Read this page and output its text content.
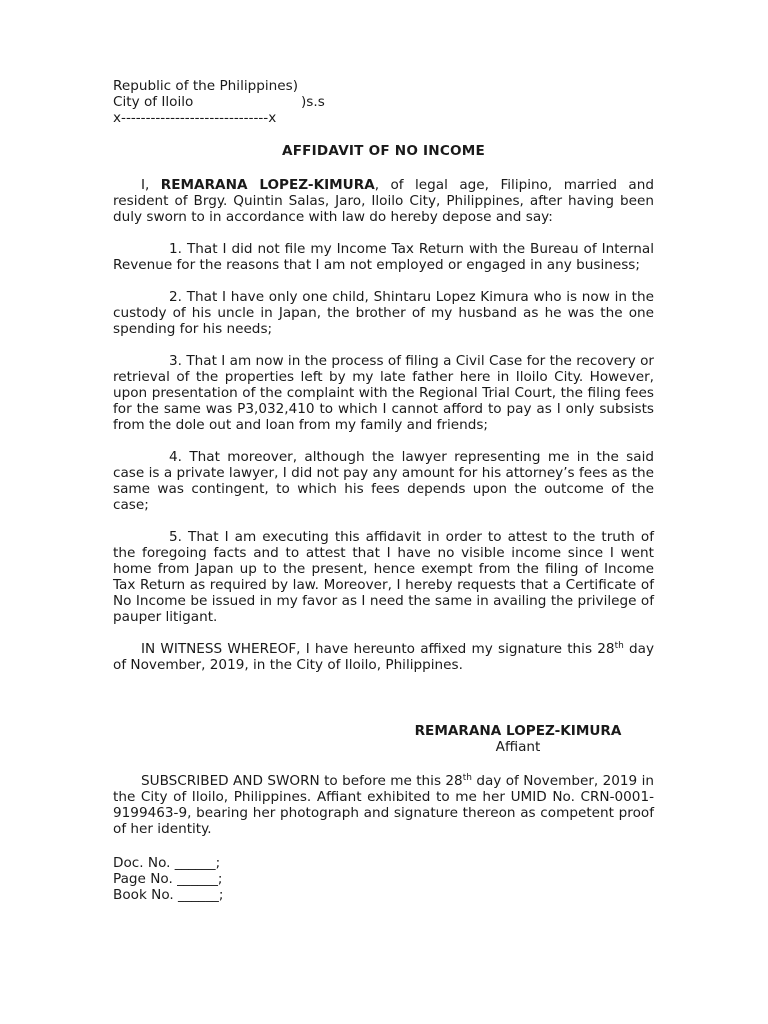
Republic of the Philippines)
City of Iloilo	)s.s
x------------------------------x
AFFIDAVIT OF NO INCOME

I, REMARANA LOPEZ-KIMURA, of legal age, Filipino, married and resident of Brgy. Quintin Salas, Jaro, Iloilo City, Philippines, after having been duly sworn to in accordance with law do hereby depose and say:

1. That I did not file my Income Tax Return with the Bureau of Internal Revenue for the reasons that I am not employed or engaged in any business;

2. That I have only one child, Shintaru Lopez Kimura who is now in the custody of his uncle in Japan, the brother of my husband as he was the one spending for his needs;

3. That I am now in the process of filing a Civil Case for the recovery or retrieval of the properties left by my late father here in Iloilo City. However, upon presentation of the complaint with the Regional Trial Court, the filing fees for the same was P3,032,410 to which I cannot afford to pay as I only subsists from the dole out and loan from my family and friends;

4. That moreover, although the lawyer representing me in the said case is a private lawyer, I did not pay any amount for his attorney’s fees as the same was contingent, to which his fees depends upon the outcome of the case;

5. That I am executing this affidavit in order to attest to the truth of the foregoing facts and to attest that I have no visible income since I went home from Japan up to the present, hence exempt from the filing of Income Tax Return as required by law. Moreover, I hereby requests that a Certificate of No Income be issued in my favor as I need the same in availing the privilege of pauper litigant.

IN WITNESS WHEREOF, I have hereunto affixed my signature this 28th day of November, 2019, in the City of Iloilo, Philippines.

REMARANA LOPEZ-KIMURA
Affiant

SUBSCRIBED AND SWORN to before me this 28th day of November, 2019 in the City of Iloilo, Philippines. Affiant exhibited to me her UMID No. CRN-0001-9199463-9, bearing her photograph and signature thereon as competent proof of her identity.

Doc. No. ______;
Page No. ______;
Book No. ______;
